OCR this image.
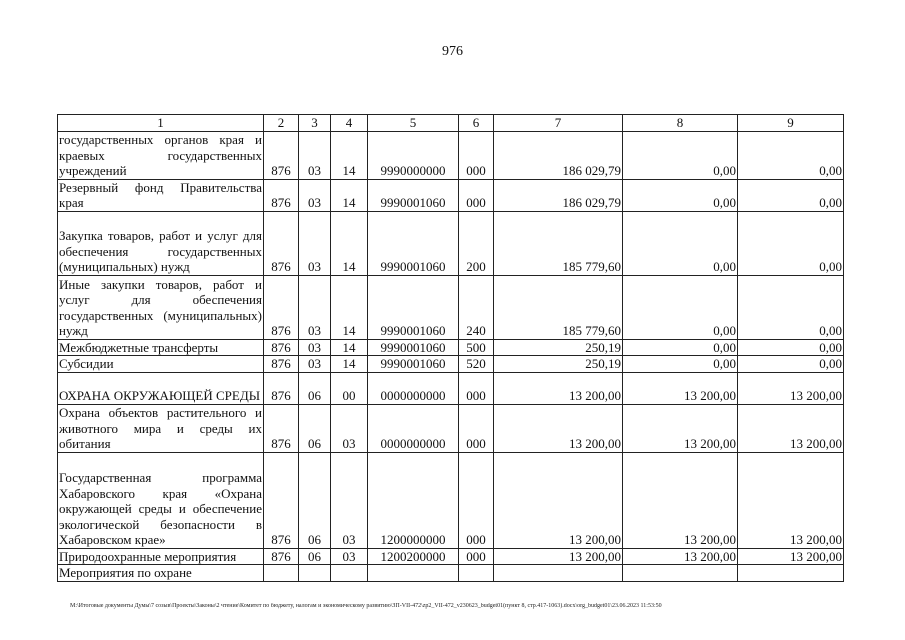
976
1	2	3	4	5	6	7	8	9
государственных органов края и краевых государственных учреждений	876	03	14	9990000000	000	186 029,79	0,00	0,00
Резервный фонд Правительства края	876	03	14	9990001060	000	186 029,79	0,00	0,00
Закупка товаров, работ и услуг для обеспечения государственных (муниципальных) нужд	876	03	14	9990001060	200	185 779,60	0,00	0,00
Иные закупки товаров, работ и услуг для обеспечения государственных (муниципальных) нужд	876	03	14	9990001060	240	185 779,60	0,00	0,00
Межбюджетные трансферты	876	03	14	9990001060	500	250,19	0,00	0,00
Субсидии	876	03	14	9990001060	520	250,19	0,00	0,00
ОХРАНА ОКРУЖАЮЩЕЙ СРЕДЫ	876	06	00	0000000000	000	13 200,00	13 200,00	13 200,00
Охрана объектов растительного и животного мира и среды их обитания	876	06	03	0000000000	000	13 200,00	13 200,00	13 200,00
Государственная программа Хабаровского края «Охрана окружающей среды и обеспечение экологической безопасности в Хабаровском крае»	876	06	03	1200000000	000	13 200,00	13 200,00	13 200,00
Природоохранные мероприятия	876	06	03	1200200000	000	13 200,00	13 200,00	13 200,00
Мероприятия по охране								
M:\Итоговые документы Думы\7 созыв\Проекты\Законы\2 чтение\Комитет по бюджету, налогам и экономическому развитию\ЗП-VII-472\zp2_VII-472_v230623_budget01(пункт 8, стр.417-1063).docx\org_budget01\23.06.2023 11:53:50
